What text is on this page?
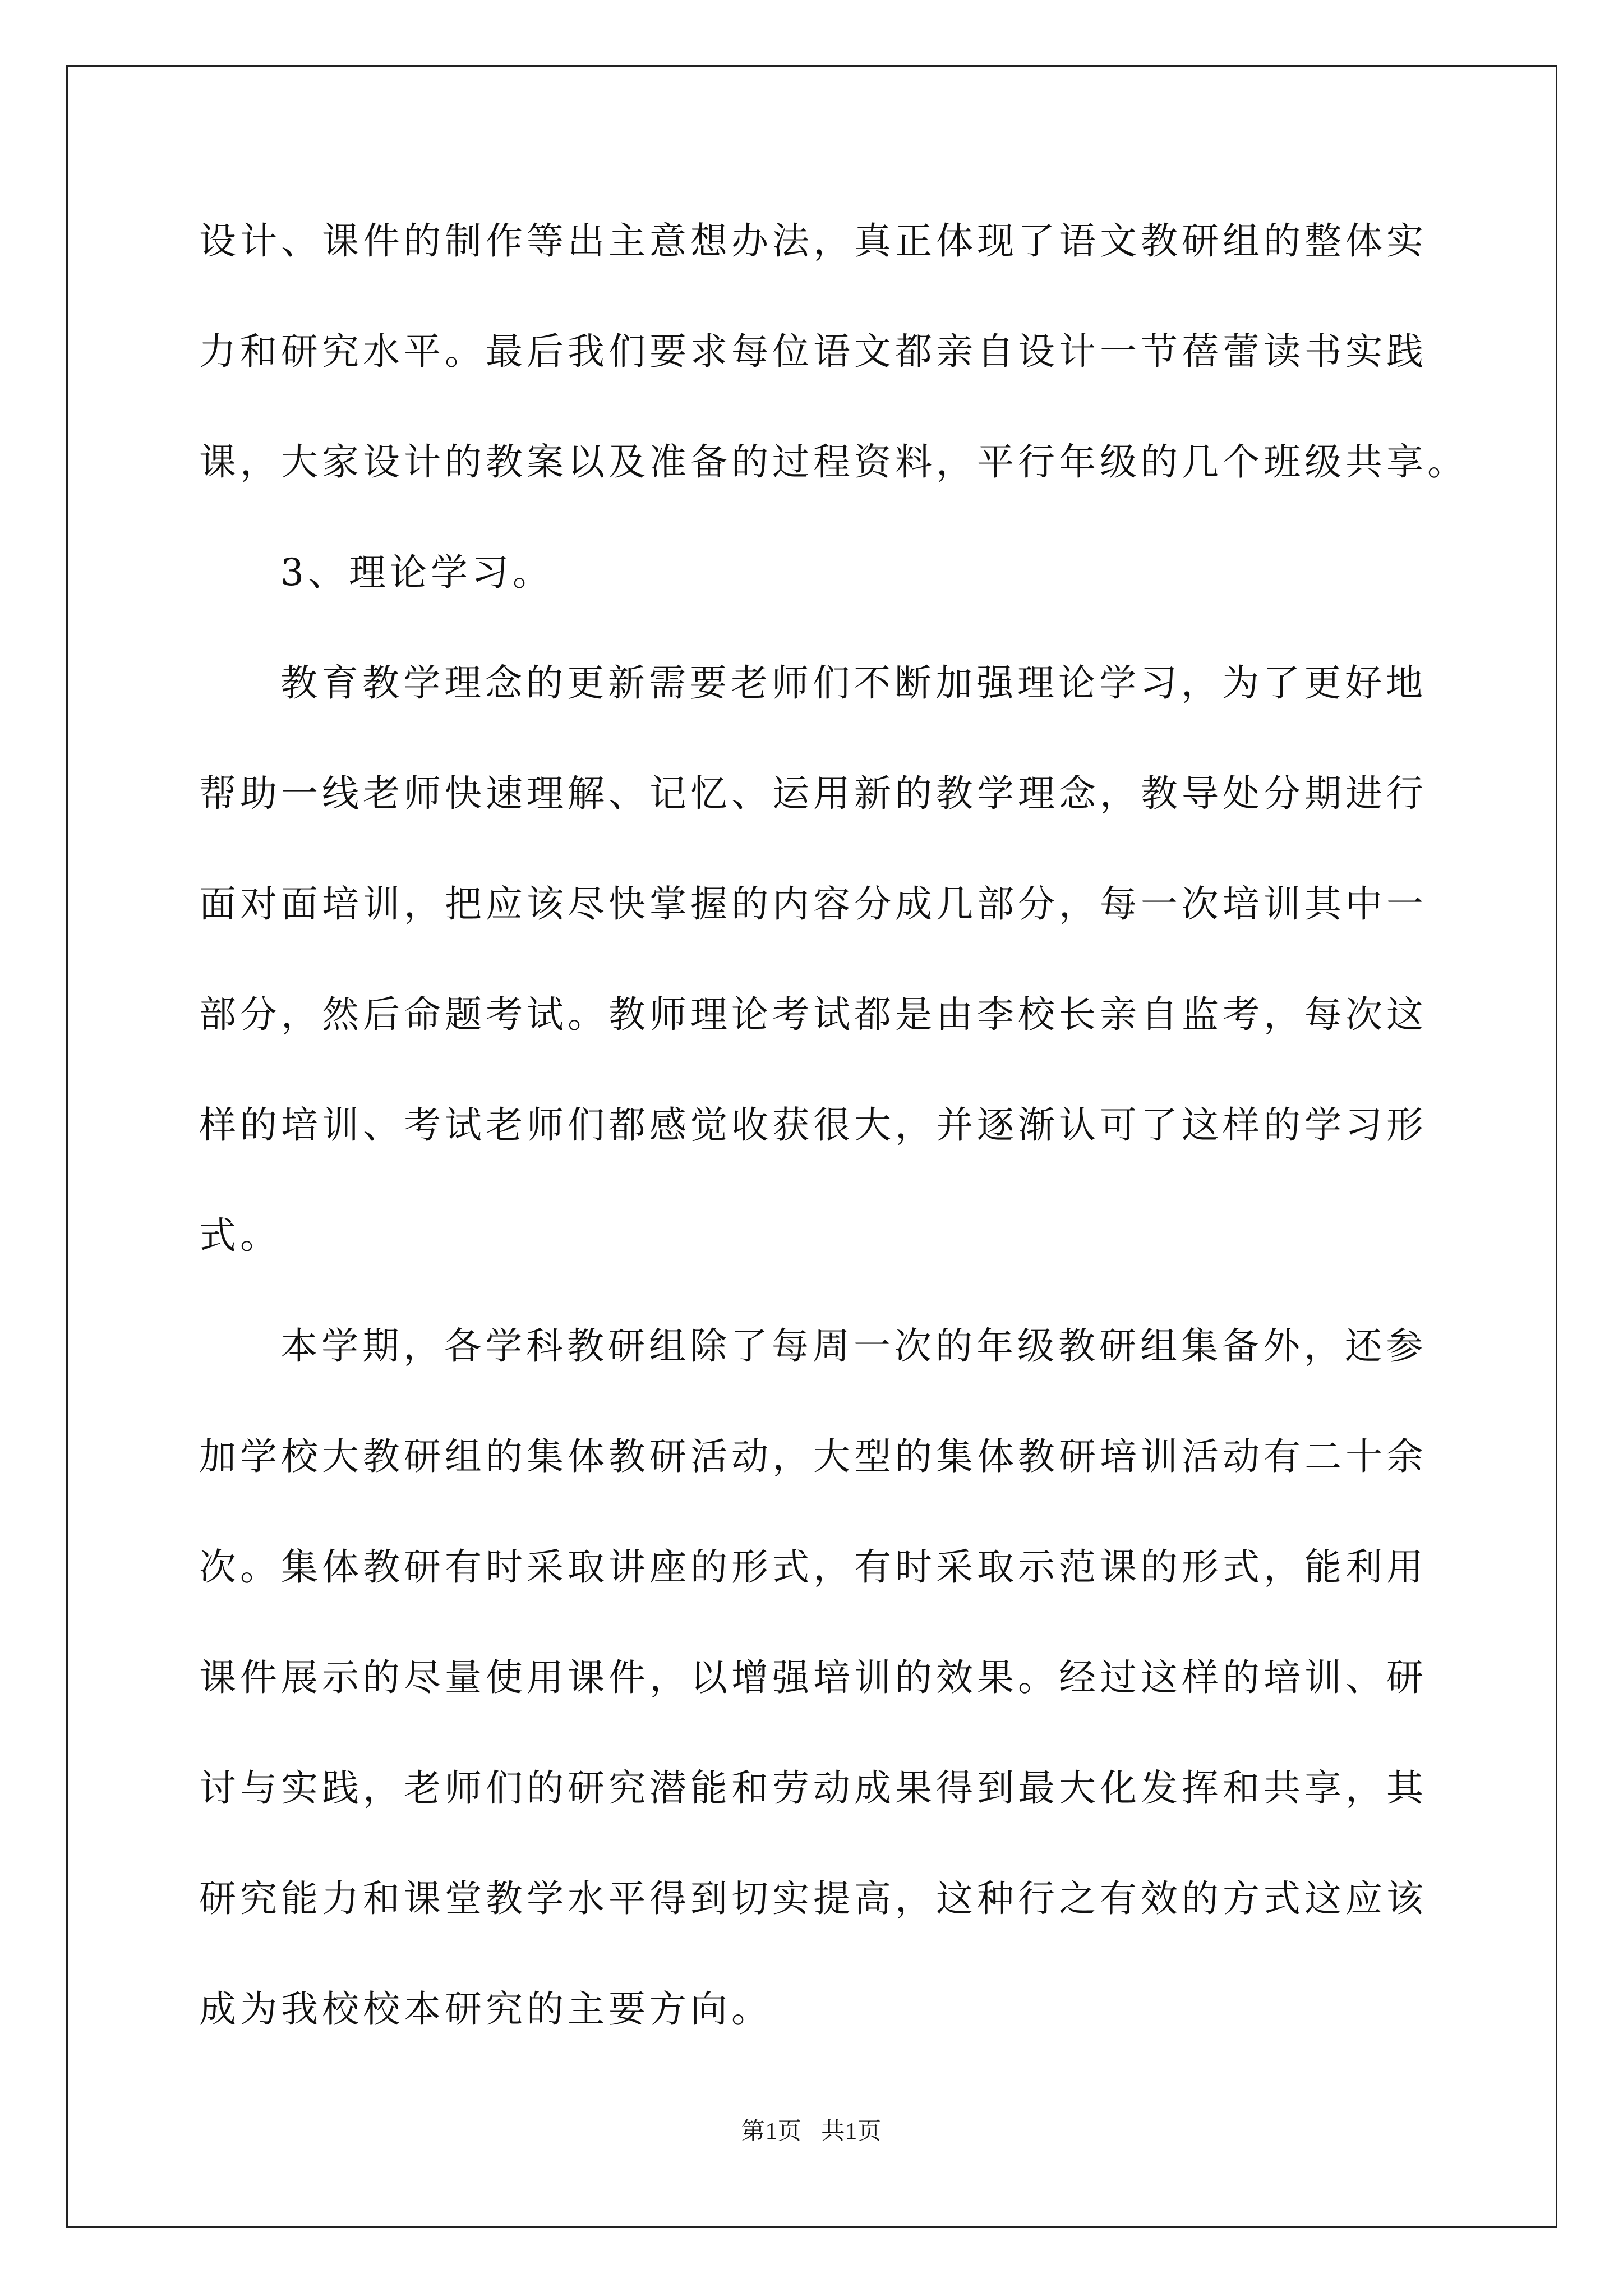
设计、课件的制作等出主意想办法，真正体现了语文教研组的整体实
力和研究水平。最后我们要求每位语文都亲自设计一节蓓蕾读书实践
课，大家设计的教案以及准备的过程资料，平行年级的几个班级共享。
3、理论学习。
教育教学理念的更新需要老师们不断加强理论学习，为了更好地
帮助一线老师快速理解、记忆、运用新的教学理念，教导处分期进行
面对面培训，把应该尽快掌握的内容分成几部分，每一次培训其中一
部分，然后命题考试。教师理论考试都是由李校长亲自监考，每次这
样的培训、考试老师们都感觉收获很大，并逐渐认可了这样的学习形
式。
本学期，各学科教研组除了每周一次的年级教研组集备外，还参
加学校大教研组的集体教研活动，大型的集体教研培训活动有二十余
次。集体教研有时采取讲座的形式，有时采取示范课的形式，能利用
课件展示的尽量使用课件，以增强培训的效果。经过这样的培训、研
讨与实践，老师们的研究潜能和劳动成果得到最大化发挥和共享，其
研究能力和课堂教学水平得到切实提高，这种行之有效的方式这应该
成为我校校本研究的主要方向。
第1页   共1页
